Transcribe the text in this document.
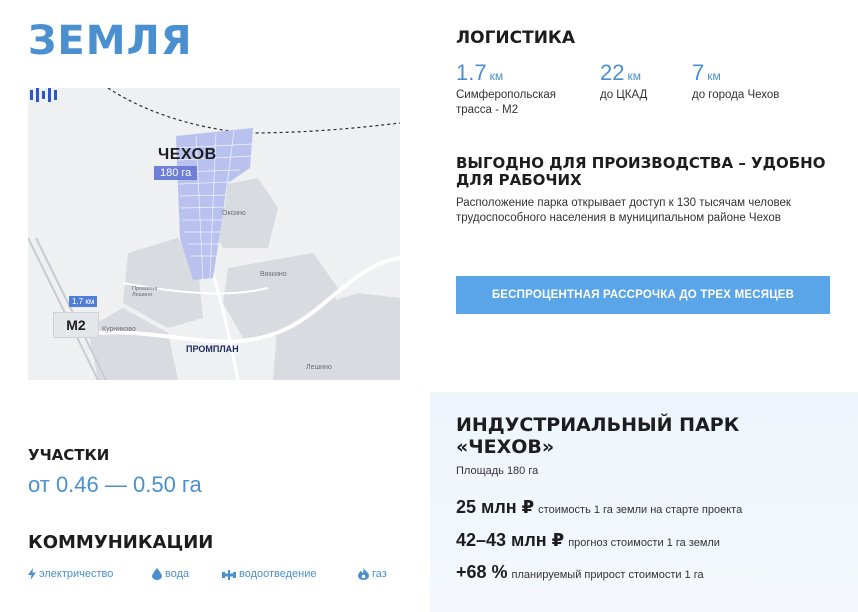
ЗЕМЛЯ
Оксино
Вяхкино
Курниково
Лешино
Промзона Лешино
ЧЕХОВ
180 га
1.7 км
M2
ПРОМПЛАН
ЛОГИСТИКА
1.7 км
Симферопольская
трасса - М2
22 км
до ЦКАД
7 км
до города Чехов
ВЫГОДНО ДЛЯ ПРОИЗВОДСТВА – УДОБНО ДЛЯ РАБОЧИХ

Расположение парка открывает доступ к 130 тысячам человек трудоспособного населения в муниципальном районе Чехов

БЕСПРОЦЕНТНАЯ РАССРОЧКА ДО ТРЕХ МЕСЯЦЕВ
ИНДУСТРИАЛЬНЫЙ ПАРК «ЧЕХОВ»
Площадь 180 га
25 млн ₽ стоимость 1 га земли на старте проекта
42–43 млн ₽ прогноз стоимости 1 га земли
+68 % планируемый прирост стоимости 1 га
УЧАСТКИ
от 0.46 — 0.50 га
КОММУНИКАЦИИ
электричество	вода	водоотведение	газ
